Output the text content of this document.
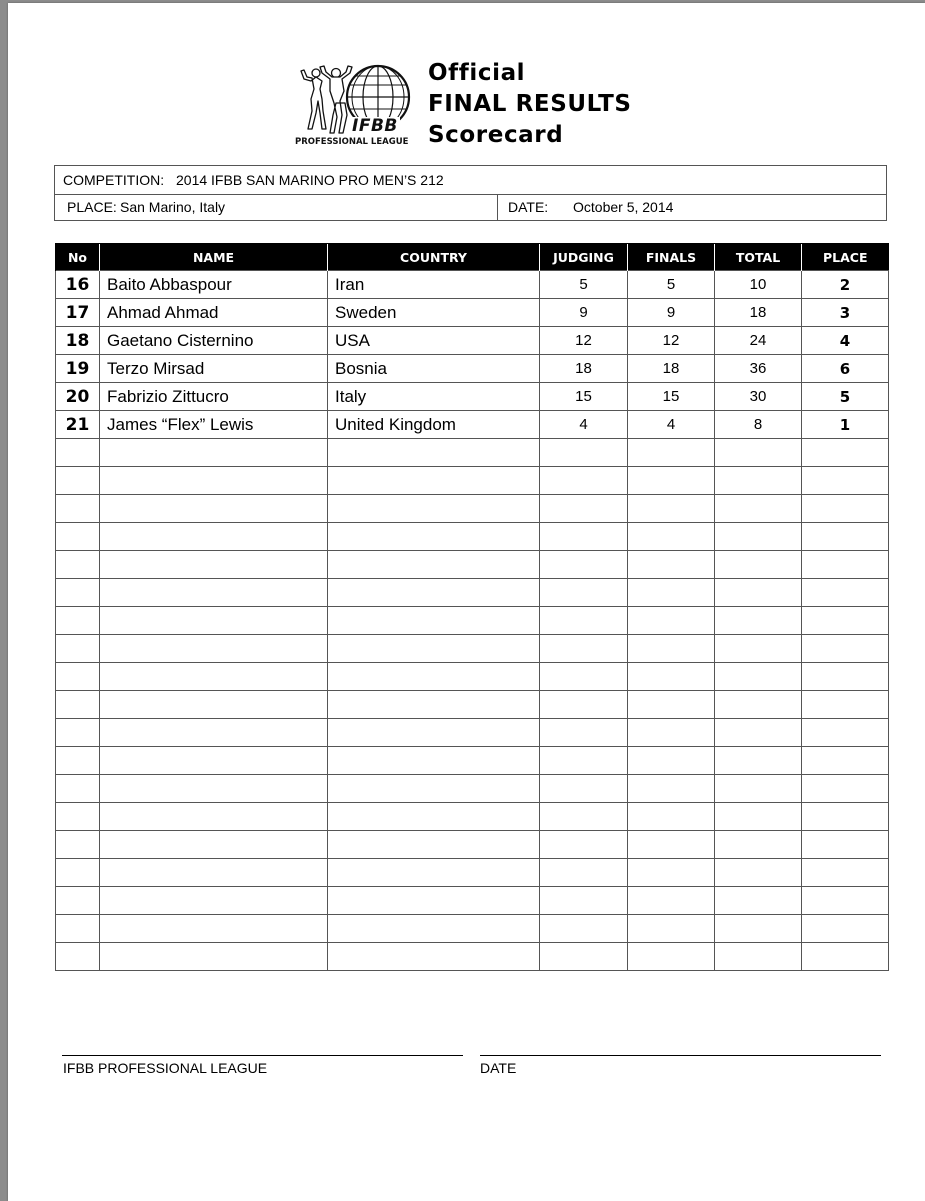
IFBB
PROFESSIONAL LEAGUE
Official
FINAL RESULTS
Scorecard
COMPETITION: 2014 IFBB SAN MARINO PRO MEN’S 212
PLACE: San Marino, Italy	DATE: October 5, 2014
No	NAME	COUNTRY	JUDGING	FINALS	TOTAL	PLACE
16	Baito Abbaspour	Iran	5	5	10	2
17	Ahmad Ahmad	Sweden	9	9	18	3
18	Gaetano Cisternino	USA	12	12	24	4
19	Terzo Mirsad	Bosnia	18	18	36	6
20	Fabrizio Zittucro	Italy	15	15	30	5
21	James “Flex” Lewis	United Kingdom	4	4	8	1

IFBB PROFESSIONAL LEAGUE	DATE
